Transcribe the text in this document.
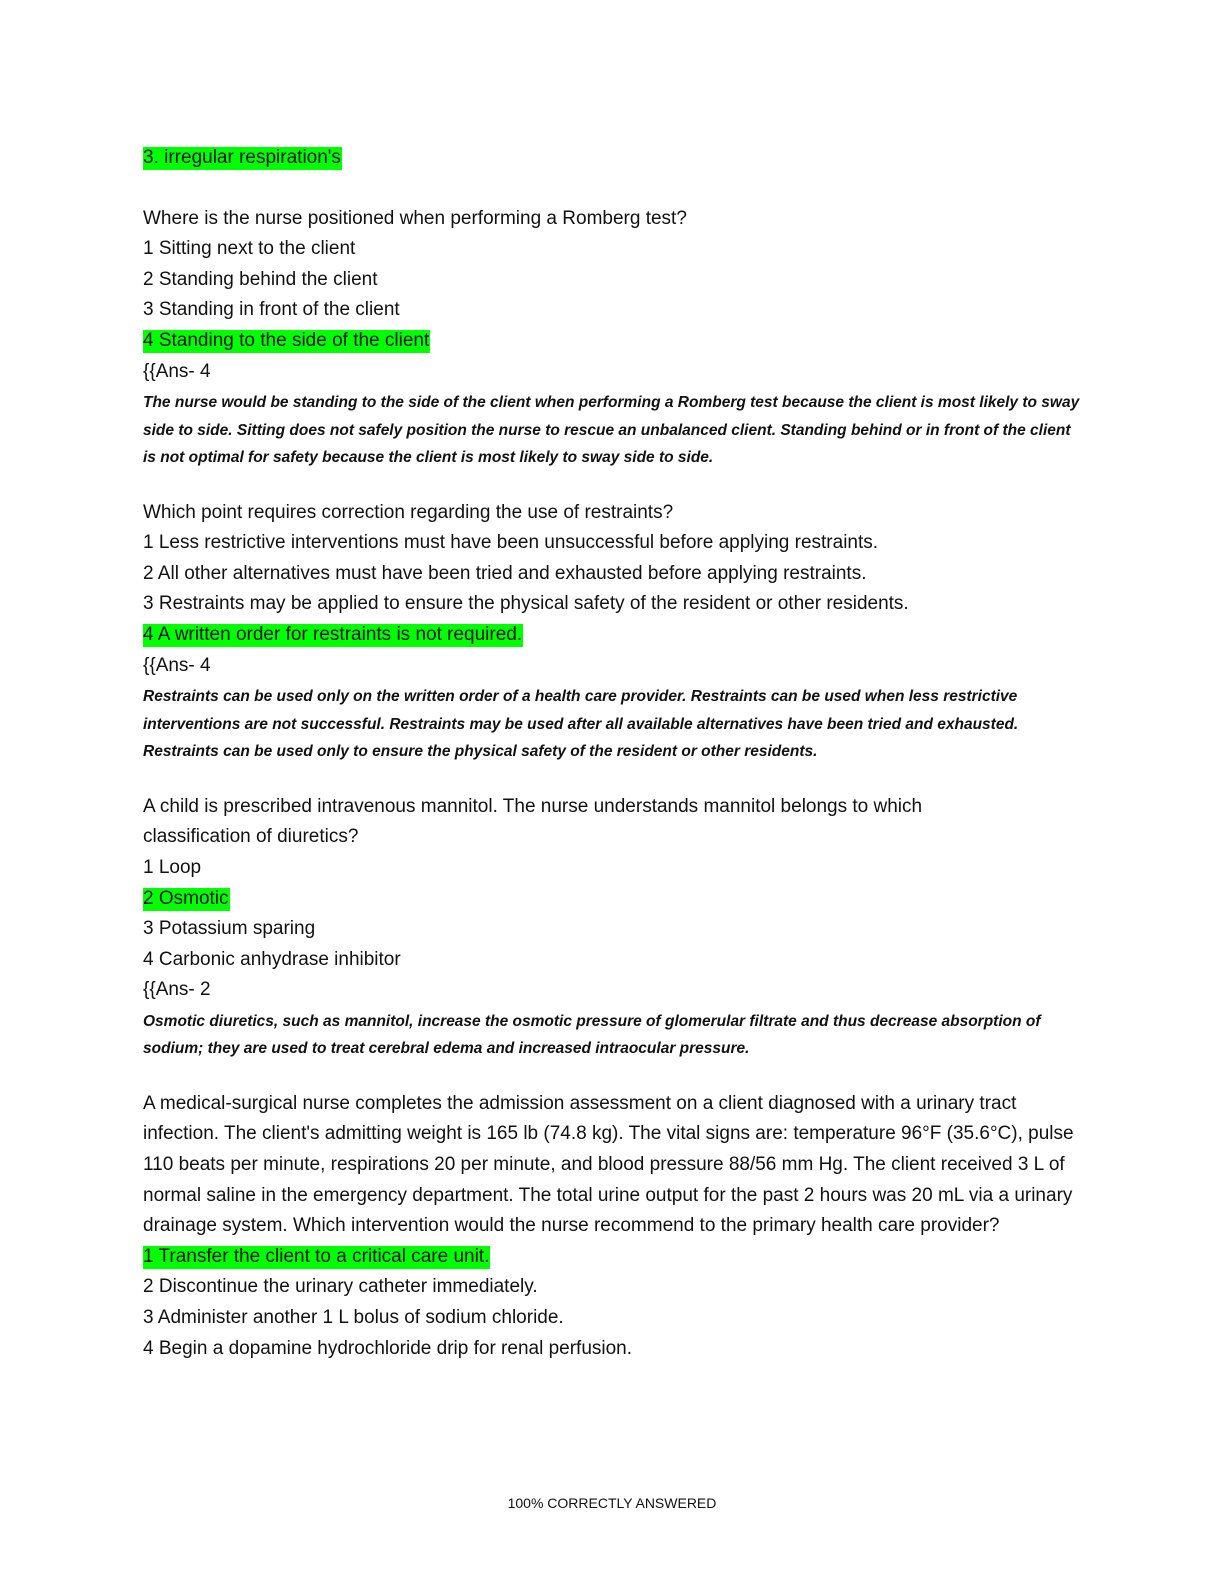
3. irregular respiration's
Where is the nurse positioned when performing a Romberg test?
1 Sitting next to the client
2 Standing behind the client
3 Standing in front of the client
4 Standing to the side of the client
{{Ans- 4
The nurse would be standing to the side of the client when performing a Romberg test because the client is most likely to sway side to side. Sitting does not safely position the nurse to rescue an unbalanced client. Standing behind or in front of the client is not optimal for safety because the client is most likely to sway side to side.
Which point requires correction regarding the use of restraints?
1 Less restrictive interventions must have been unsuccessful before applying restraints.
2 All other alternatives must have been tried and exhausted before applying restraints.
3 Restraints may be applied to ensure the physical safety of the resident or other residents.
4 A written order for restraints is not required.
{{Ans- 4
Restraints can be used only on the written order of a health care provider. Restraints can be used when less restrictive interventions are not successful. Restraints may be used after all available alternatives have been tried and exhausted. Restraints can be used only to ensure the physical safety of the resident or other residents.
A child is prescribed intravenous mannitol. The nurse understands mannitol belongs to which classification of diuretics?
1 Loop
2 Osmotic
3 Potassium sparing
4 Carbonic anhydrase inhibitor
{{Ans- 2
Osmotic diuretics, such as mannitol, increase the osmotic pressure of glomerular filtrate and thus decrease absorption of sodium; they are used to treat cerebral edema and increased intraocular pressure.
A medical-surgical nurse completes the admission assessment on a client diagnosed with a urinary tract infection. The client's admitting weight is 165 lb (74.8 kg). The vital signs are: temperature 96°F (35.6°C), pulse 110 beats per minute, respirations 20 per minute, and blood pressure 88/56 mm Hg. The client received 3 L of normal saline in the emergency department. The total urine output for the past 2 hours was 20 mL via a urinary drainage system. Which intervention would the nurse recommend to the primary health care provider?
1 Transfer the client to a critical care unit.
2 Discontinue the urinary catheter immediately.
3 Administer another 1 L bolus of sodium chloride.
4 Begin a dopamine hydrochloride drip for renal perfusion.
100% CORRECTLY ANSWERED
